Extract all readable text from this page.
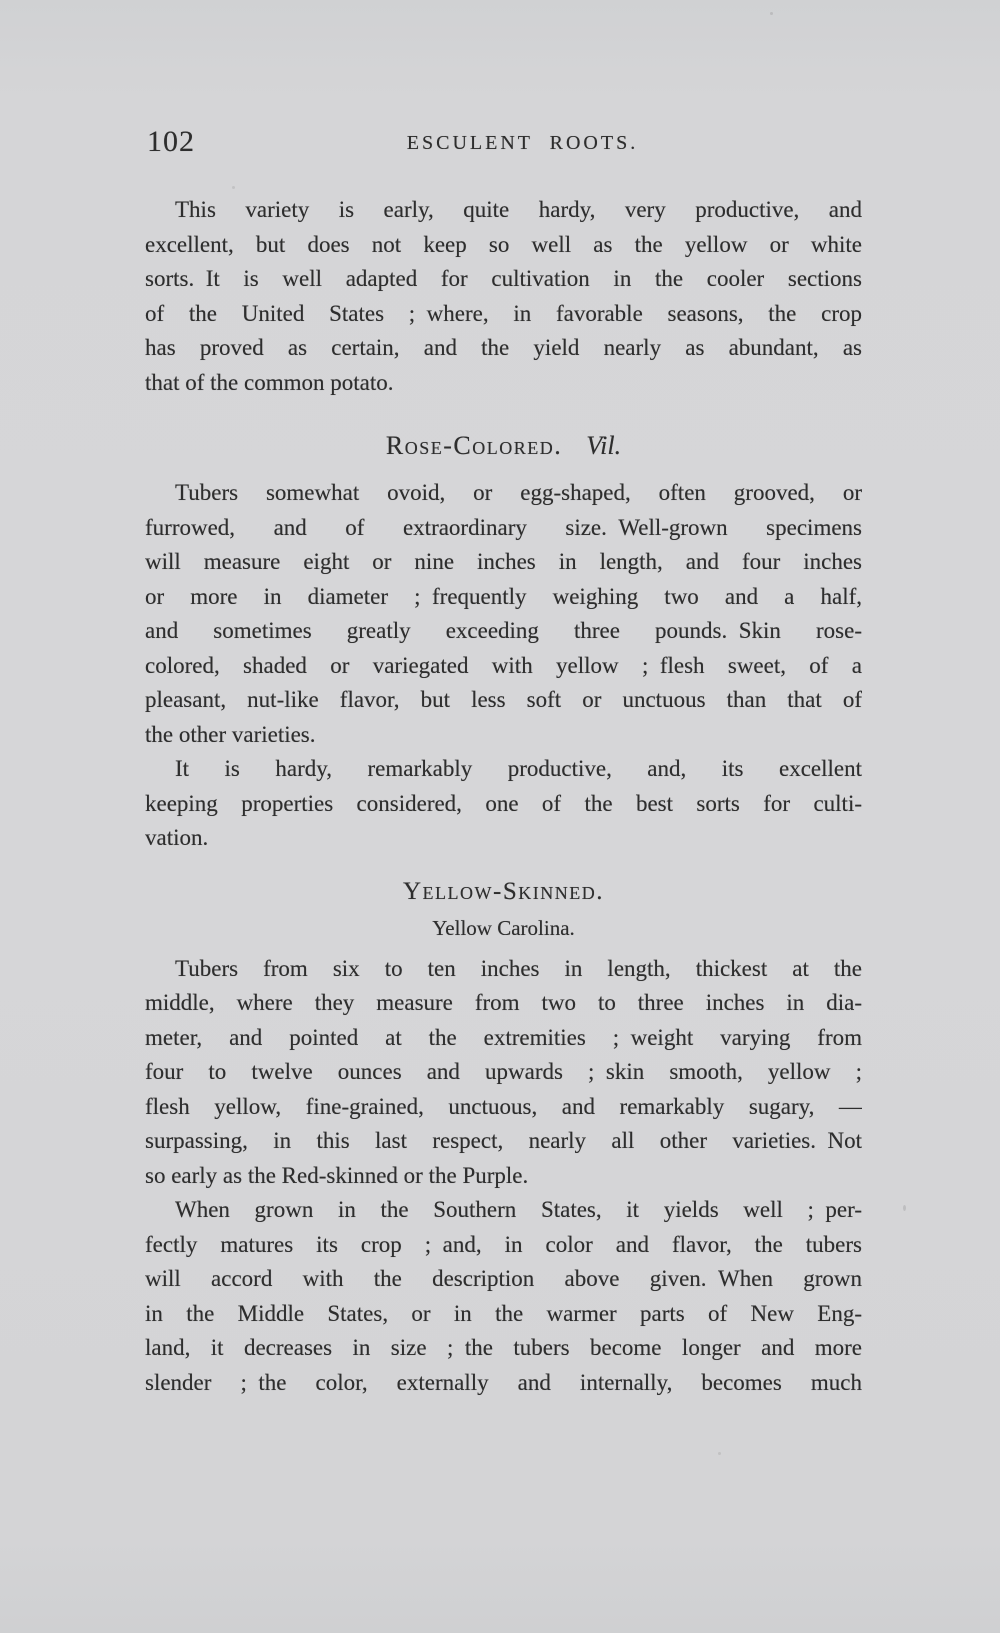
102	ESCULENT ROOTS.
This variety is early, quite hardy, very productive, and
excellent, but does not keep so well as the yellow or white
sorts. It is well adapted for cultivation in the cooler sections
of the United States ; where, in favorable seasons, the crop
has proved as certain, and the yield nearly as abundant, as
that of the common potato.
Rose-Colored. Vil.
Tubers somewhat ovoid, or egg-shaped, often grooved, or
furrowed, and of extraordinary size. Well-grown specimens
will measure eight or nine inches in length, and four inches
or more in diameter ; frequently weighing two and a half,
and sometimes greatly exceeding three pounds. Skin rose-
colored, shaded or variegated with yellow ; flesh sweet, of a
pleasant, nut-like flavor, but less soft or unctuous than that of
the other varieties.
It is hardy, remarkably productive, and, its excellent
keeping properties considered, one of the best sorts for culti-
vation.
Yellow-Skinned.
Yellow Carolina.
Tubers from six to ten inches in length, thickest at the
middle, where they measure from two to three inches in dia-
meter, and pointed at the extremities ; weight varying from
four to twelve ounces and upwards ; skin smooth, yellow ;
flesh yellow, fine-grained, unctuous, and remarkably sugary, —
surpassing, in this last respect, nearly all other varieties. Not
so early as the Red-skinned or the Purple.
When grown in the Southern States, it yields well ; per-
fectly matures its crop ; and, in color and flavor, the tubers
will accord with the description above given. When grown
in the Middle States, or in the warmer parts of New Eng-
land, it decreases in size ; the tubers become longer and more
slender ; the color, externally and internally, becomes much
